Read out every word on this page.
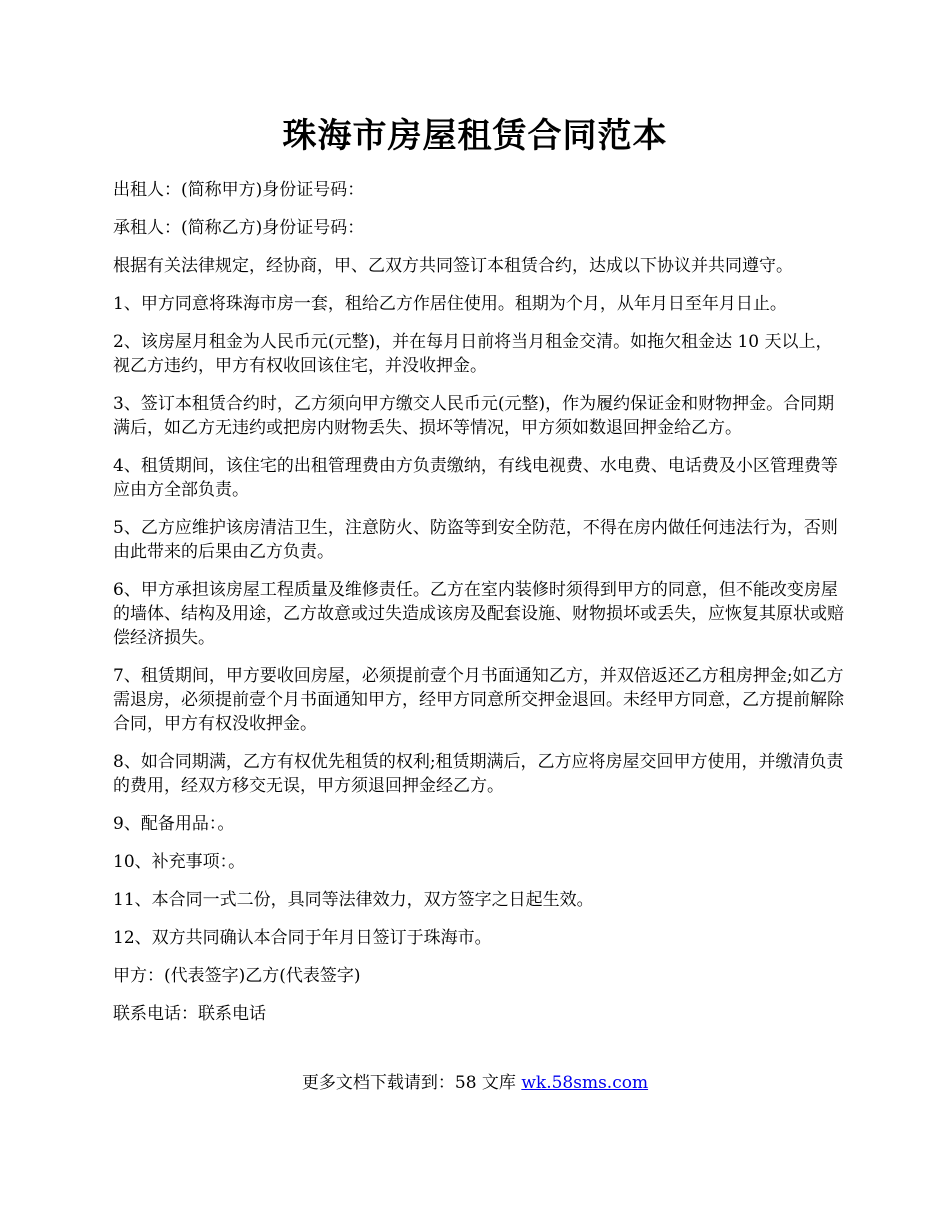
珠海市房屋租赁合同范本

出租人：(简称甲方)身份证号码：

承租人：(简称乙方)身份证号码：

根据有关法律规定，经协商，甲、乙双方共同签订本租赁合约，达成以下协议并共同遵守。

1、甲方同意将珠海市房一套，租给乙方作居住使用。租期为个月，从年月日至年月日止。

2、该房屋月租金为人民币元(元整)，并在每月日前将当月租金交清。如拖欠租金达 10 天以上，视乙方违约，甲方有权收回该住宅，并没收押金。

3、签订本租赁合约时，乙方须向甲方缴交人民币元(元整)，作为履约保证金和财物押金。合同期满后，如乙方无违约或把房内财物丢失、损坏等情况，甲方须如数退回押金给乙方。

4、租赁期间，该住宅的出租管理费由方负责缴纳，有线电视费、水电费、电话费及小区管理费等应由方全部负责。

5、乙方应维护该房清洁卫生，注意防火、防盗等到安全防范，不得在房内做任何违法行为，否则由此带来的后果由乙方负责。

6、甲方承担该房屋工程质量及维修责任。乙方在室内装修时须得到甲方的同意，但不能改变房屋的墙体、结构及用途，乙方故意或过失造成该房及配套设施、财物损坏或丢失，应恢复其原状或赔偿经济损失。

7、租赁期间，甲方要收回房屋，必须提前壹个月书面通知乙方，并双倍返还乙方租房押金;如乙方需退房，必须提前壹个月书面通知甲方，经甲方同意所交押金退回。未经甲方同意，乙方提前解除合同，甲方有权没收押金。

8、如合同期满，乙方有权优先租赁的权利;租赁期满后，乙方应将房屋交回甲方使用，并缴清负责的费用，经双方移交无误，甲方须退回押金经乙方。

9、配备用品：。

10、补充事项：。

11、本合同一式二份，具同等法律效力，双方签字之日起生效。

12、双方共同确认本合同于年月日签订于珠海市。

甲方：(代表签字)乙方(代表签字)

联系电话：联系电话

更多文档下载请到：58 文库 wk.58sms.com
